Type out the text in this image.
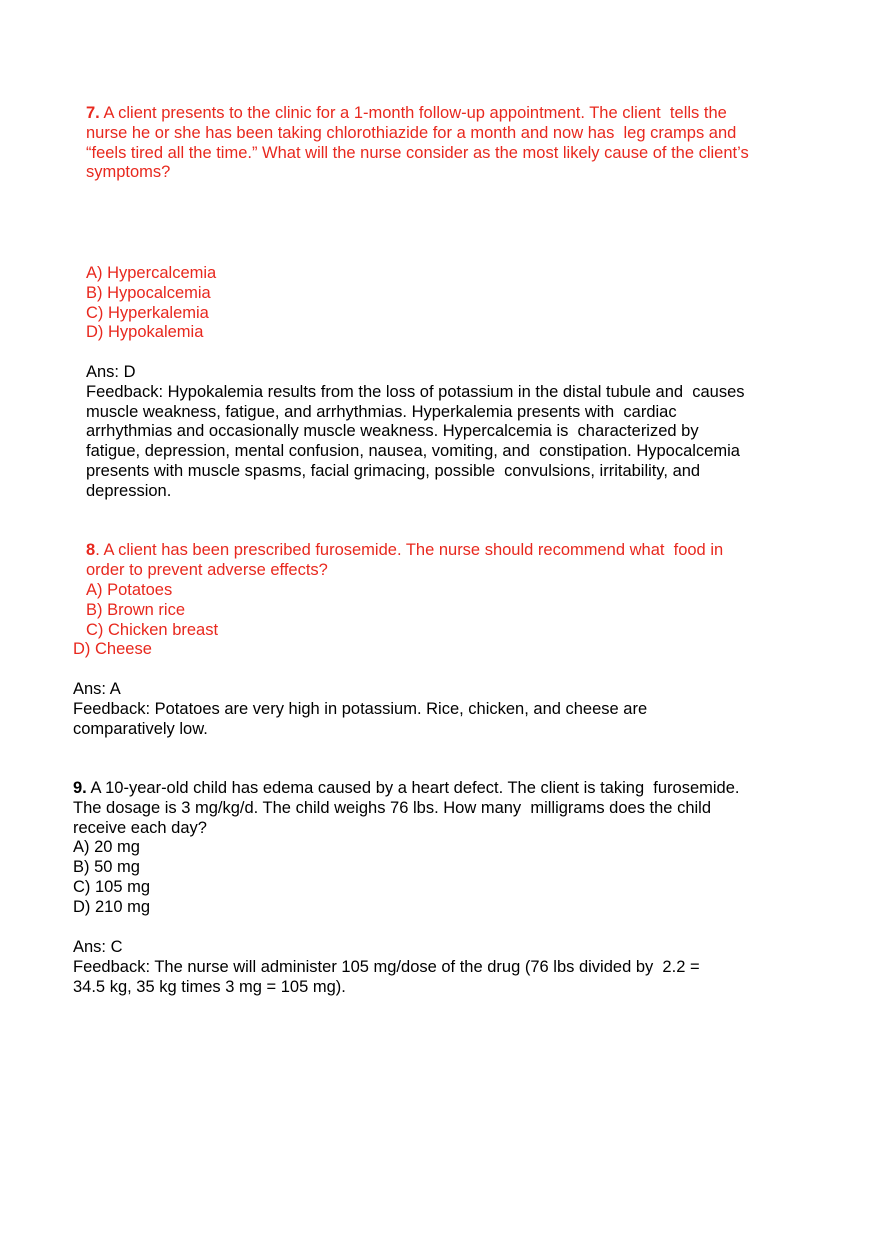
7. A client presents to the clinic for a 1-month follow-up appointment. The client  tells the
nurse he or she has been taking chlorothiazide for a month and now has  leg cramps and
“feels tired all the time.” What will the nurse consider as the most likely cause of the client’s
symptoms?
A) Hypercalcemia
B) Hypocalcemia
C) Hyperkalemia
D) Hypokalemia
Ans: D
Feedback: Hypokalemia results from the loss of potassium in the distal tubule and  causes
muscle weakness, fatigue, and arrhythmias. Hyperkalemia presents with  cardiac
arrhythmias and occasionally muscle weakness. Hypercalcemia is  characterized by
fatigue, depression, mental confusion, nausea, vomiting, and  constipation. Hypocalcemia
presents with muscle spasms, facial grimacing, possible  convulsions, irritability, and
depression.
8. A client has been prescribed furosemide. The nurse should recommend what  food in
order to prevent adverse effects?
A) Potatoes
B) Brown rice
C) Chicken breast
D) Cheese
Ans: A
Feedback: Potatoes are very high in potassium. Rice, chicken, and cheese are
comparatively low.
9. A 10-year-old child has edema caused by a heart defect. The client is taking  furosemide.
The dosage is 3 mg/kg/d. The child weighs 76 lbs. How many  milligrams does the child
receive each day?
A) 20 mg
B) 50 mg
C) 105 mg
D) 210 mg
Ans: C
Feedback: The nurse will administer 105 mg/dose of the drug (76 lbs divided by  2.2 =
34.5 kg, 35 kg times 3 mg = 105 mg).
